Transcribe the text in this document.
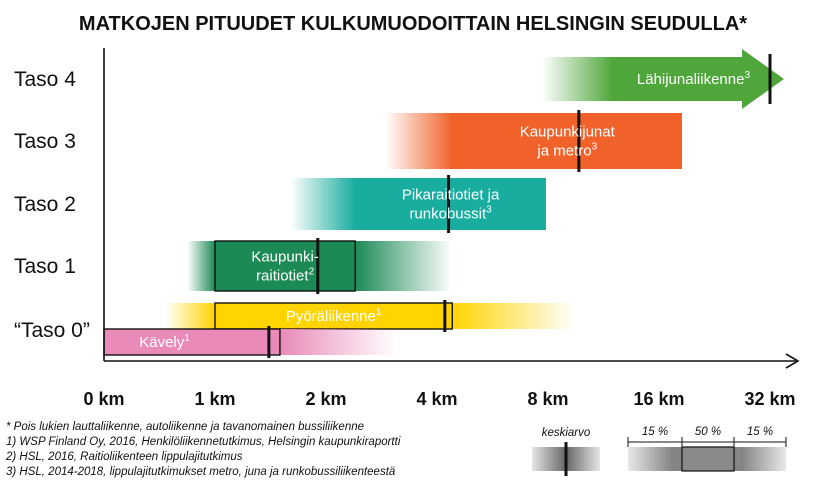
MATKOJEN PITUUDET KULKUMUODOITTAIN HELSINGIN SEUDULLA*
Taso 4
Taso 3
Taso 2
Taso 1
“Taso 0”
Lähijunaliikenne$^3$
Kaupunkijunat
ja metro$^3$
Pikaraitiotiet ja
runkobussit$^3$
Kaupunki-
raitiotiet$^2$
Pyöräliikenne$^1$
Kävely$^1$
0 km	1 km	2 km	4 km	8 km	16 km	32 km
* Pois lukien lauttaliikenne, autoliikenne ja tavanomainen bussiliikenne
1) WSP Finland Oy, 2016, Henkilöliikennetutkimus, Helsingin kaupunkiraportti
2) HSL, 2016, Raitioliikenteen lippulajitutkimus
3) HSL, 2014-2018, lippulajitutkimukset metro, juna ja runkobussiliikenteestä
keskiarvo	15 % 50 % 15 %
